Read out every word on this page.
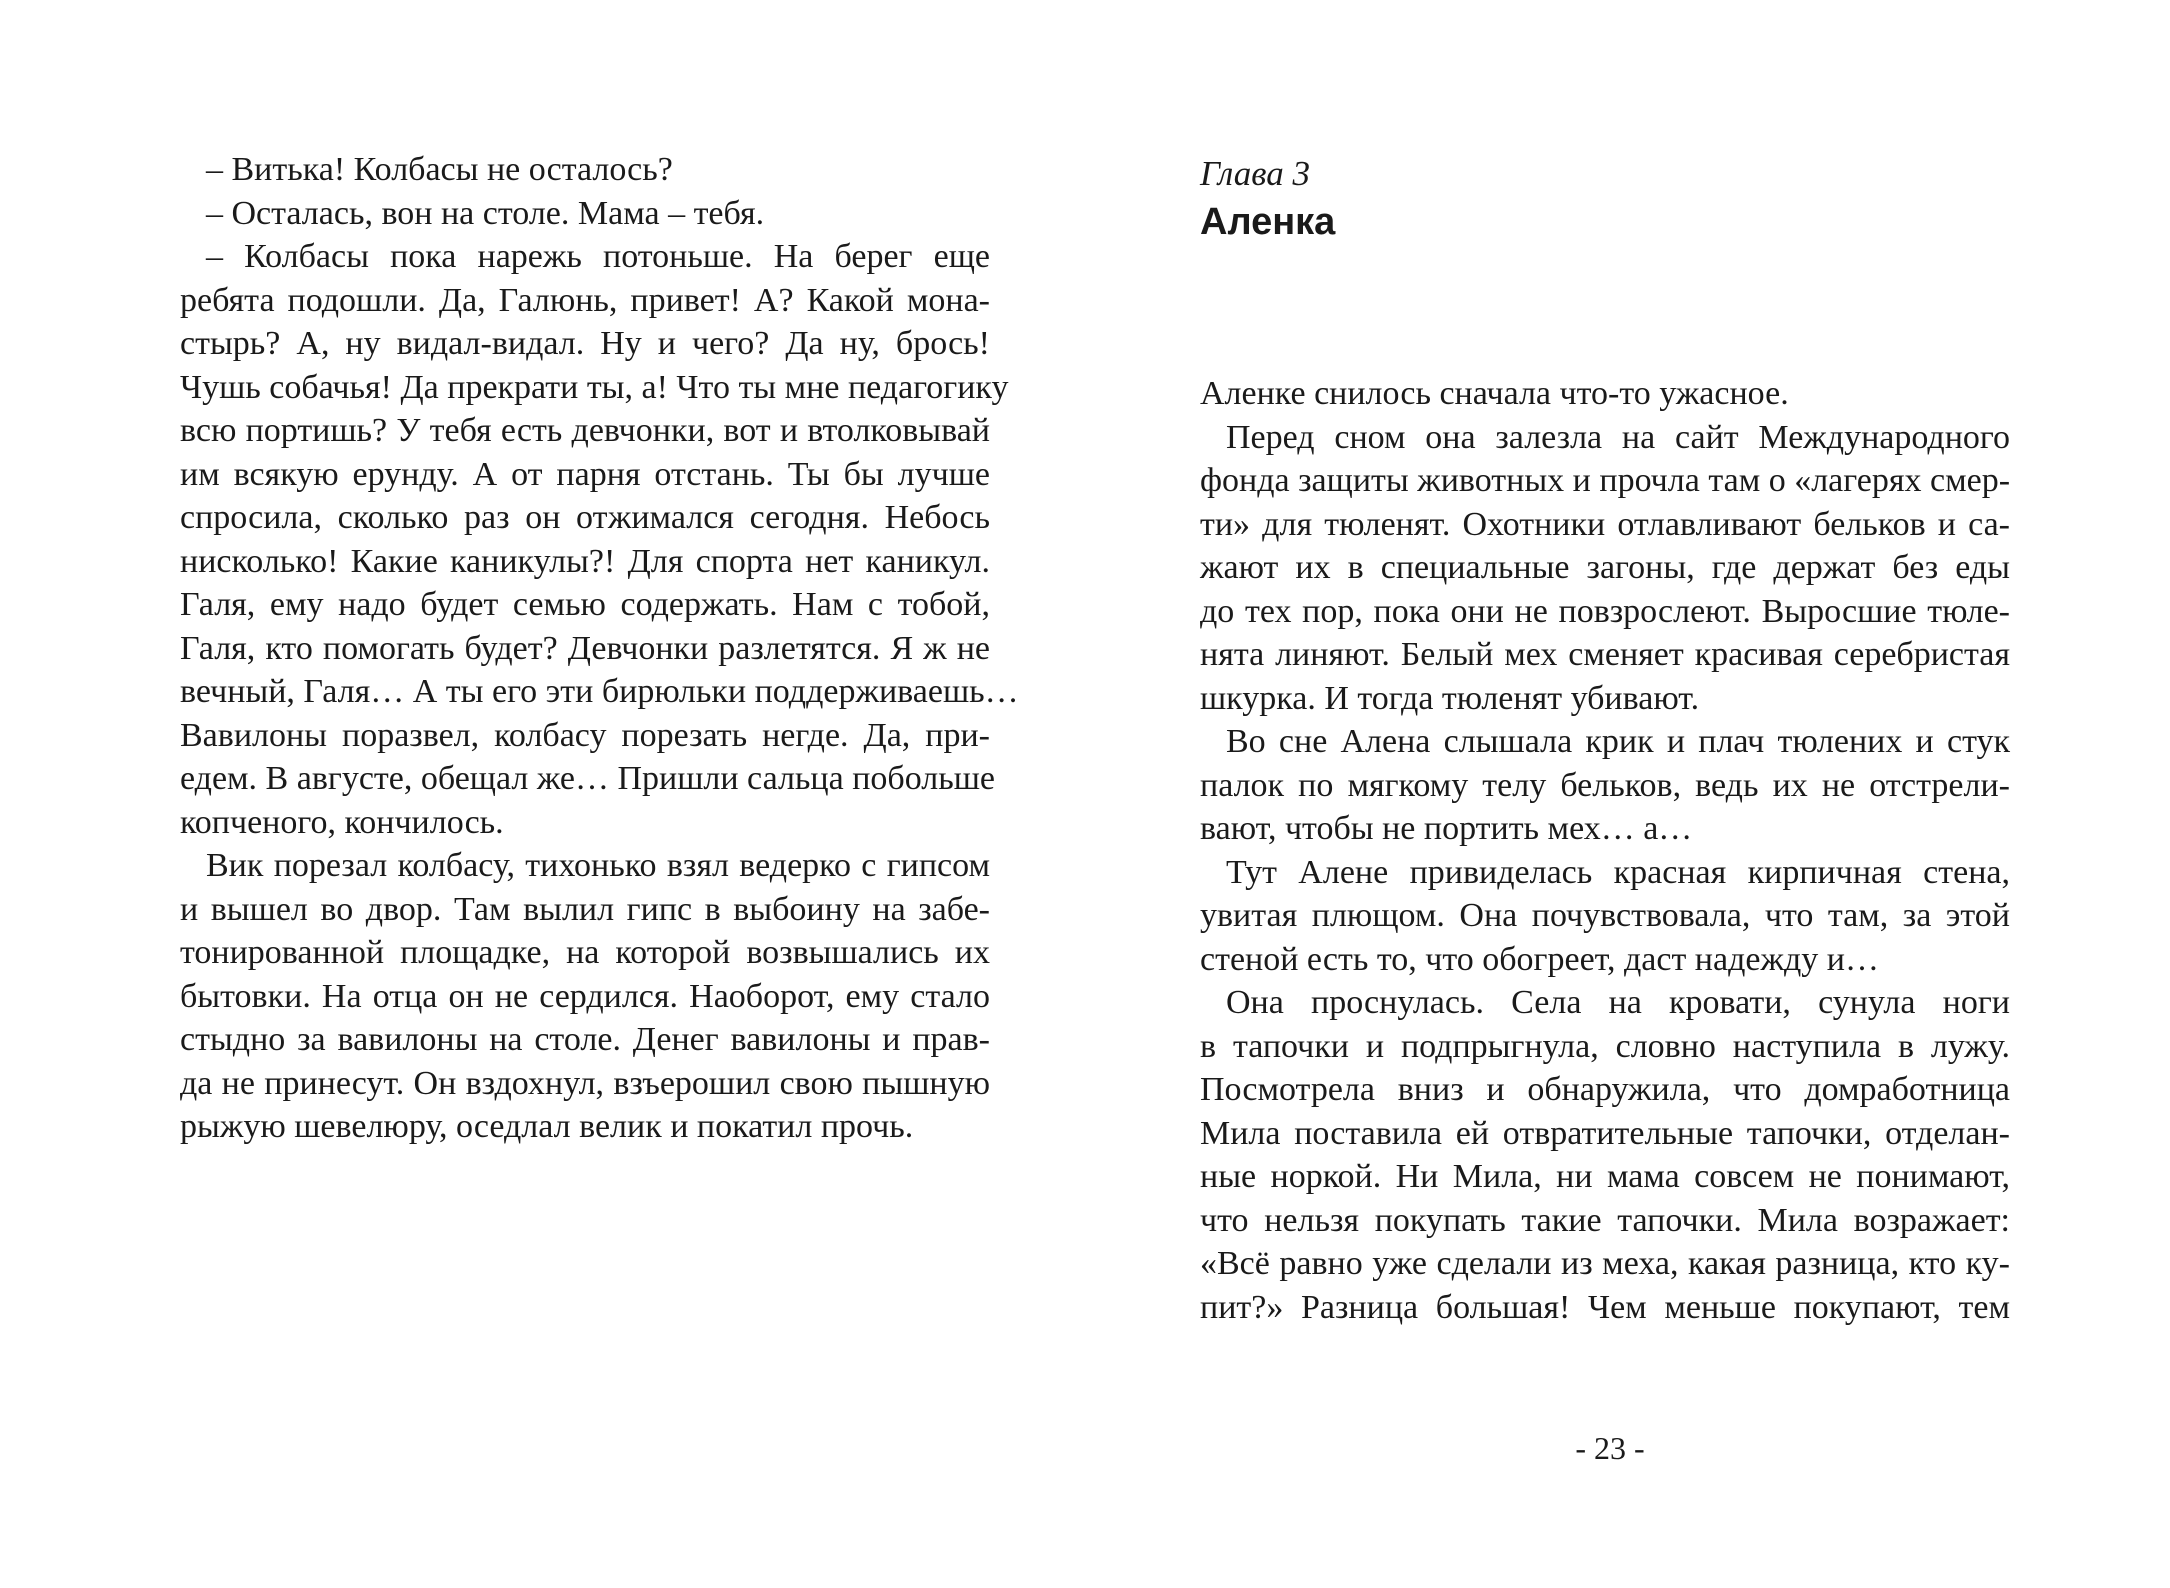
– Витька! Колбасы не осталось?
– Осталась, вон на столе. Мама – тебя.
– Колбасы пока нарежь потоньше. На берег еще
ребята подошли. Да, Галюнь, привет! А? Какой мона-
стырь? А, ну видал-видал. Ну и чего? Да ну, брось!
Чушь собачья! Да прекрати ты, а! Что ты мне педагогику
всю портишь? У тебя есть девчонки, вот и втолковывай
им всякую ерунду. А от парня отстань. Ты бы лучше
спросила, сколько раз он отжимался сегодня. Небось
нисколько! Какие каникулы?! Для спорта нет каникул.
Галя, ему надо будет семью содержать. Нам с тобой,
Галя, кто помогать будет? Девчонки разлетятся. Я ж не
вечный, Галя… А ты его эти бирюльки поддерживаешь…
Вавилоны поразвел, колбасу порезать негде. Да, при-
едем. В августе, обещал же… Пришли сальца побольше
копченого, кончилось.
Вик порезал колбасу, тихонько взял ведерко с гипсом
и вышел во двор. Там вылил гипс в выбоину на забе-
тонированной площадке, на которой возвышались их
бытовки. На отца он не сердился. Наоборот, ему стало
стыдно за вавилоны на столе. Денег вавилоны и прав-
да не принесут. Он вздохнул, взъерошил свою пышную
рыжую шевелюру, оседлал велик и покатил прочь.
Глава 3
Аленка
Аленке снилось сначала что-то ужасное.
Перед сном она залезла на сайт Международного
фонда защиты животных и прочла там о «лагерях смер-
ти» для тюленят. Охотники отлавливают бельков и са-
жают их в специальные загоны, где держат без еды
до тех пор, пока они не повзрослеют. Выросшие тюле-
нята линяют. Белый мех сменяет красивая серебристая
шкурка. И тогда тюленят убивают.
Во сне Алена слышала крик и плач тюлених и стук
палок по мягкому телу бельков, ведь их не отстрели-
вают, чтобы не портить мех… а…
Тут Алене привиделась красная кирпичная стена,
увитая плющом. Она почувствовала, что там, за этой
стеной есть то, что обогреет, даст надежду и…
Она проснулась. Села на кровати, сунула ноги
в тапочки и подпрыгнула, словно наступила в лужу.
Посмотрела вниз и обнаружила, что домработница
Мила поставила ей отвратительные тапочки, отделан-
ные норкой. Ни Мила, ни мама совсем не понимают,
что нельзя покупать такие тапочки. Мила возражает:
«Всё равно уже сделали из меха, какая разница, кто ку-
пит?» Разница большая! Чем меньше покупают, тем
- 23 -
